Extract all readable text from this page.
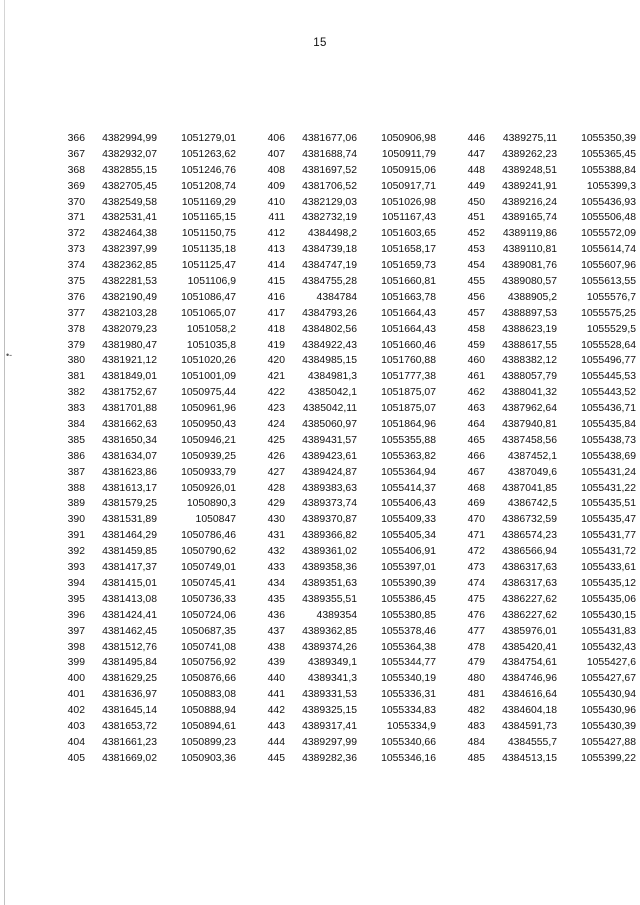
•-
15
366	4382994,99	1051279,01
367	4382932,07	1051263,62
368	4382855,15	1051246,76
369	4382705,45	1051208,74
370	4382549,58	1051169,29
371	4382531,41	1051165,15
372	4382464,38	1051150,75
373	4382397,99	1051135,18
374	4382362,85	1051125,47
375	4382281,53	1051106,9
376	4382190,49	1051086,47
377	4382103,28	1051065,07
378	4382079,23	1051058,2
379	4381980,47	1051035,8
380	4381921,12	1051020,26
381	4381849,01	1051001,09
382	4381752,67	1050975,44
383	4381701,88	1050961,96
384	4381662,63	1050950,43
385	4381650,34	1050946,21
386	4381634,07	1050939,25
387	4381623,86	1050933,79
388	4381613,17	1050926,01
389	4381579,25	1050890,3
390	4381531,89	1050847
391	4381464,29	1050786,46
392	4381459,85	1050790,62
393	4381417,37	1050749,01
394	4381415,01	1050745,41
395	4381413,08	1050736,33
396	4381424,41	1050724,06
397	4381462,45	1050687,35
398	4381512,76	1050741,08
399	4381495,84	1050756,92
400	4381629,25	1050876,66
401	4381636,97	1050883,08
402	4381645,14	1050888,94
403	4381653,72	1050894,61
404	4381661,23	1050899,23
405	4381669,02	1050903,36
406	4381677,06	1050906,98
407	4381688,74	1050911,79
408	4381697,52	1050915,06
409	4381706,52	1050917,71
410	4382129,03	1051026,98
411	4382732,19	1051167,43
412	4384498,2	1051603,65
413	4384739,18	1051658,17
414	4384747,19	1051659,73
415	4384755,28	1051660,81
416	4384784	1051663,78
417	4384793,26	1051664,43
418	4384802,56	1051664,43
419	4384922,43	1051660,46
420	4384985,15	1051760,88
421	4384981,3	1051777,38
422	4385042,1	1051875,07
423	4385042,11	1051875,07
424	4385060,97	1051864,96
425	4389431,57	1055355,88
426	4389423,61	1055363,82
427	4389424,87	1055364,94
428	4389383,63	1055414,37
429	4389373,74	1055406,43
430	4389370,87	1055409,33
431	4389366,82	1055405,34
432	4389361,02	1055406,91
433	4389358,36	1055397,01
434	4389351,63	1055390,39
435	4389355,51	1055386,45
436	4389354	1055380,85
437	4389362,85	1055378,46
438	4389374,26	1055364,38
439	4389349,1	1055344,77
440	4389341,3	1055340,19
441	4389331,53	1055336,31
442	4389325,15	1055334,83
443	4389317,41	1055334,9
444	4389297,99	1055340,66
445	4389282,36	1055346,16
446	4389275,11	1055350,39
447	4389262,23	1055365,45
448	4389248,51	1055388,84
449	4389241,91	1055399,3
450	4389216,24	1055436,93
451	4389165,74	1055506,48
452	4389119,86	1055572,09
453	4389110,81	1055614,74
454	4389081,76	1055607,96
455	4389080,57	1055613,55
456	4388905,2	1055576,7
457	4388897,53	1055575,25
458	4388623,19	1055529,5
459	4388617,55	1055528,64
460	4388382,12	1055496,77
461	4388057,79	1055445,53
462	4388041,32	1055443,52
463	4387962,64	1055436,71
464	4387940,81	1055435,84
465	4387458,56	1055438,73
466	4387452,1	1055438,69
467	4387049,6	1055431,24
468	4387041,85	1055431,22
469	4386742,5	1055435,51
470	4386732,59	1055435,47
471	4386574,23	1055431,77
472	4386566,94	1055431,72
473	4386317,63	1055433,61
474	4386317,63	1055435,12
475	4386227,62	1055435,06
476	4386227,62	1055430,15
477	4385976,01	1055431,83
478	4385420,41	1055432,43
479	4384754,61	1055427,6
480	4384746,96	1055427,67
481	4384616,64	1055430,94
482	4384604,18	1055430,96
483	4384591,73	1055430,39
484	4384555,7	1055427,88
485	4384513,15	1055399,22
